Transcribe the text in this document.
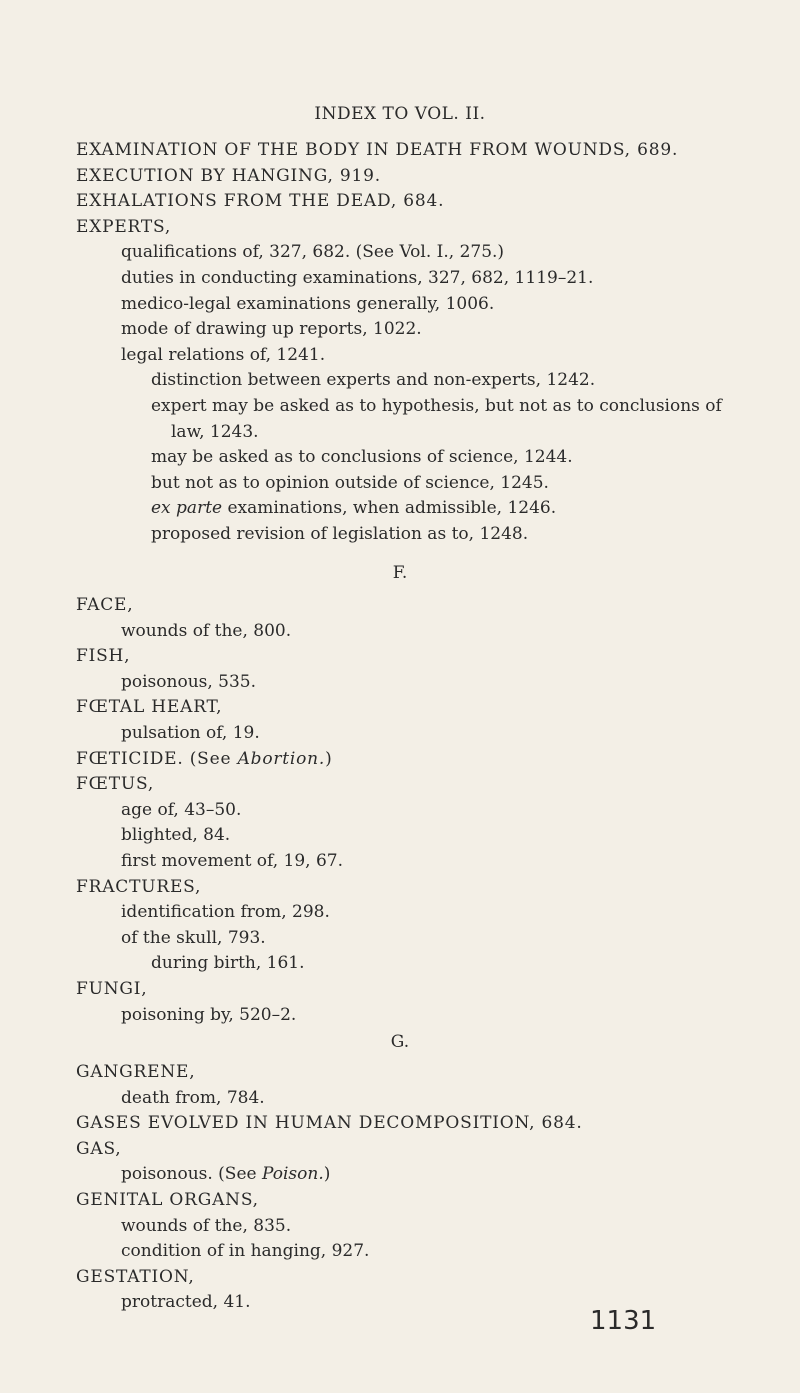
INDEX TO VOL. II.
EXAMINATION OF THE BODY IN DEATH FROM WOUNDS, 689.
EXECUTION BY HANGING, 919.
EXHALATIONS FROM THE DEAD, 684.
EXPERTS,
qualifications of, 327, 682. (See Vol. I., 275.)
duties in conducting examinations, 327, 682, 1119–21.
medico-legal examinations generally, 1006.
mode of drawing up reports, 1022.
legal relations of, 1241.
distinction between experts and non-experts, 1242.
expert may be asked as to hypothesis, but not as to conclusions of
law, 1243.
may be asked as to conclusions of science, 1244.
but not as to opinion outside of science, 1245.
ex parte examinations, when admissible, 1246.
proposed revision of legislation as to, 1248.
F.
FACE,
wounds of the, 800.
FISH,
poisonous, 535.
FŒTAL HEART,
pulsation of, 19.
FŒTICIDE. (See Abortion.)
FŒTUS,
age of, 43–50.
blighted, 84.
first movement of, 19, 67.
FRACTURES,
identification from, 298.
of the skull, 793.
during birth, 161.
FUNGI,
poisoning by, 520–2.
G.
GANGRENE,
death from, 784.
GASES EVOLVED IN HUMAN DECOMPOSITION, 684.
GAS,
poisonous. (See Poison.)
GENITAL ORGANS,
wounds of the, 835.
condition of in hanging, 927.
GESTATION,
protracted, 41.
1131
